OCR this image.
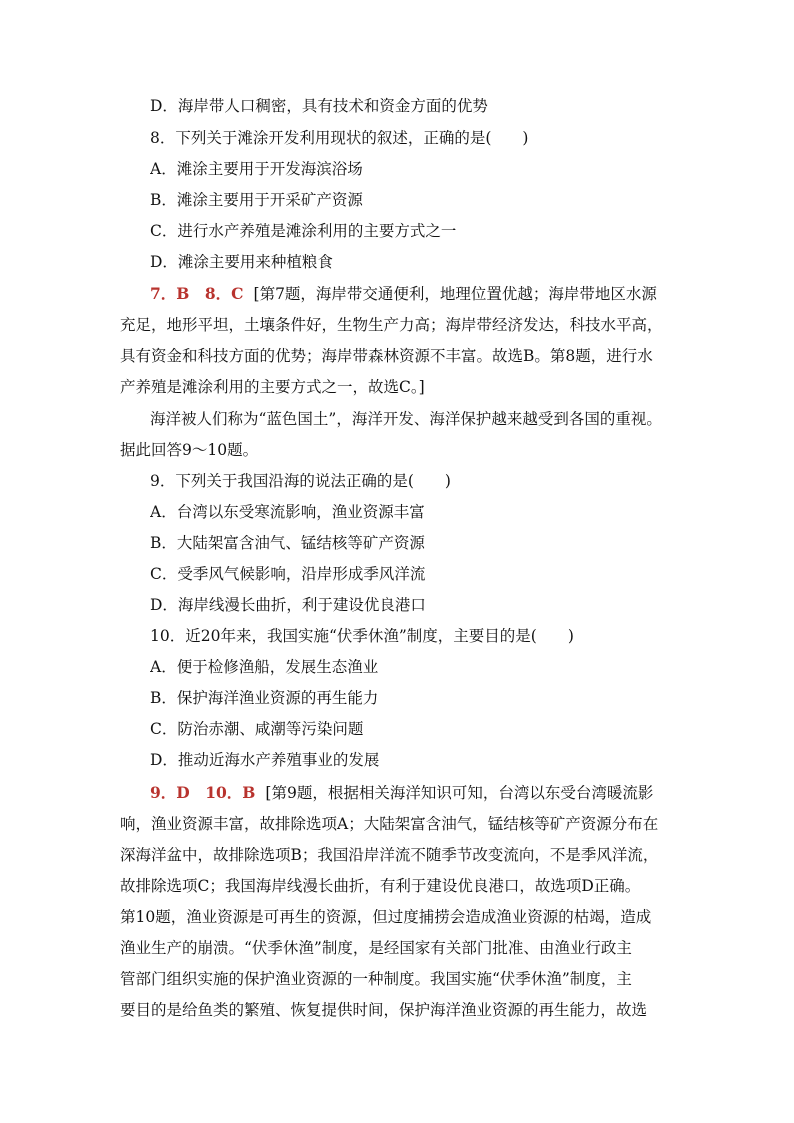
D．海岸带人口稠密，具有技术和资金方面的优势
8．下列关于滩涂开发利用现状的叙述，正确的是(　　)
A．滩涂主要用于开发海滨浴场
B．滩涂主要用于开采矿产资源
C．进行水产养殖是滩涂利用的主要方式之一
D．滩涂主要用来种植粮食
7．B　8．C [第7题，海岸带交通便利，地理位置优越；海岸带地区水源
充足，地形平坦，土壤条件好，生物生产力高；海岸带经济发达，科技水平高，
具有资金和科技方面的优势；海岸带森林资源不丰富。故选B。第8题，进行水
产养殖是滩涂利用的主要方式之一，故选C。]
海洋被人们称为“蓝色国土”，海洋开发、海洋保护越来越受到各国的重视。
据此回答9～10题。
9．下列关于我国沿海的说法正确的是(　　)
A．台湾以东受寒流影响，渔业资源丰富
B．大陆架富含油气、锰结核等矿产资源
C．受季风气候影响，沿岸形成季风洋流
D．海岸线漫长曲折，利于建设优良港口
10．近20年来，我国实施“伏季休渔”制度，主要目的是(　　)
A．便于检修渔船，发展生态渔业
B．保护海洋渔业资源的再生能力
C．防治赤潮、咸潮等污染问题
D．推动近海水产养殖事业的发展
9．D　10．B [第9题，根据相关海洋知识可知，台湾以东受台湾暖流影
响，渔业资源丰富，故排除选项A；大陆架富含油气，锰结核等矿产资源分布在
深海洋盆中，故排除选项B；我国沿岸洋流不随季节改变流向，不是季风洋流，
故排除选项C；我国海岸线漫长曲折，有利于建设优良港口，故选项D正确。
第10题，渔业资源是可再生的资源，但过度捕捞会造成渔业资源的枯竭，造成
渔业生产的崩溃。“伏季休渔”制度，是经国家有关部门批准、由渔业行政主
管部门组织实施的保护渔业资源的一种制度。我国实施“伏季休渔”制度，主
要目的是给鱼类的繁殖、恢复提供时间，保护海洋渔业资源的再生能力，故选
